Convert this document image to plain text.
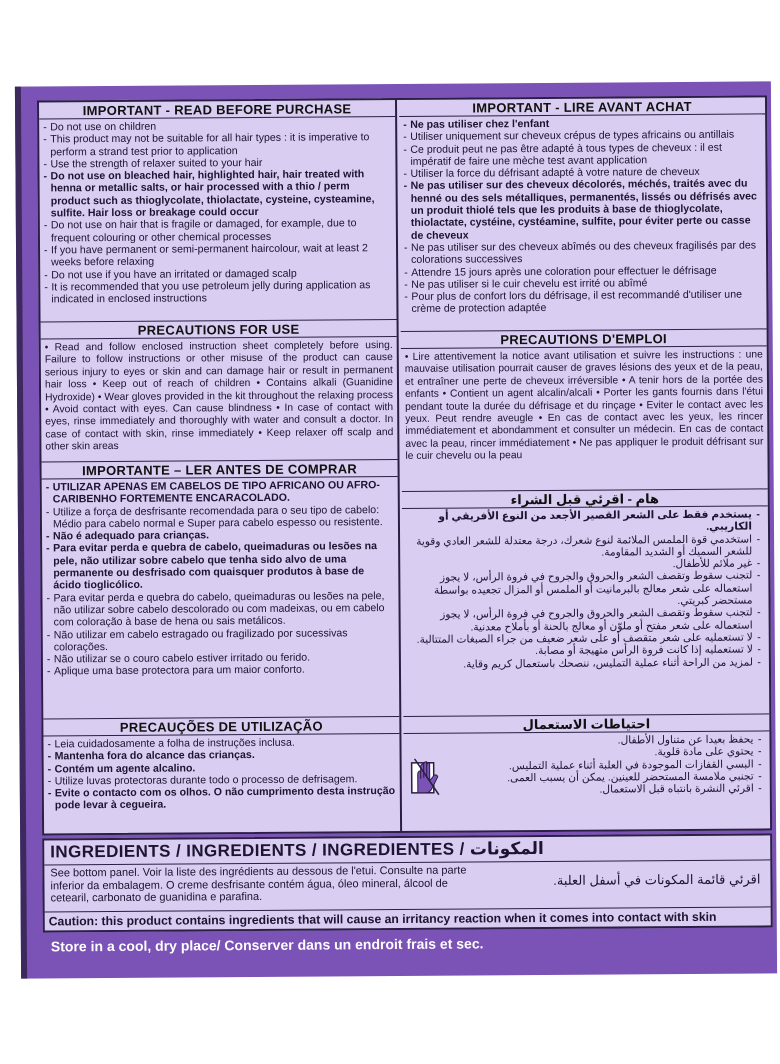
IMPORTANT - READ BEFORE PURCHASE
- Do not use on children
- This product may not be suitable for all hair types : it is imperative to perform a strand test prior to application
- Use the strength of relaxer suited to your hair
- Do not use on bleached hair, highlighted hair, hair treated with henna or metallic salts, or hair processed with a thio / perm product such as thioglycolate, thiolactate, cysteine, cysteamine, sulfite. Hair loss or breakage could occur
- Do not use on hair that is fragile or damaged, for example, due to frequent colouring or other chemical processes
- If you have permanent or semi-permanent haircolour, wait at least 2 weeks before relaxing
- Do not use if you have an irritated or damaged scalp
- It is recommended that you use petroleum jelly during application as indicated in enclosed instructions
PRECAUTIONS FOR USE
• Read and follow enclosed instruction sheet completely before using. Failure to follow instructions or other misuse of the product can cause serious injury to eyes or skin and can damage hair or result in permanent hair loss • Keep out of reach of children • Contains alkali (Guanidine Hydroxide) • Wear gloves provided in the kit throughout the relaxing process • Avoid contact with eyes. Can cause blindness • In case of contact with eyes, rinse immediately and thoroughly with water and consult a doctor. In case of contact with skin, rinse immediately • Keep relaxer off scalp and other skin areas
IMPORTANTE – LER ANTES DE COMPRAR
- UTILIZAR APENAS EM CABELOS DE TIPO AFRICANO OU AFRO-CARIBENHO FORTEMENTE ENCARACOLADO.
- Utilize a força de desfrisante recomendada para o seu tipo de cabelo: Médio para cabelo normal e Super para cabelo espesso ou resistente.
- Não é adequado para crianças.
- Para evitar perda e quebra de cabelo, queimaduras ou lesões na pele, não utilizar sobre cabelo que tenha sido alvo de uma permanente ou desfrisado com quaisquer produtos à base de ácido tioglicólico.
- Para evitar perda e quebra do cabelo, queimaduras ou lesões na pele, não utilizar sobre cabelo descolorado ou com madeixas, ou em cabelo com coloração à base de hena ou sais metálicos.
- Não utilizar em cabelo estragado ou fragilizado por sucessivas colorações.
- Não utilizar se o couro cabelo estiver irritado ou ferido.
- Aplique uma base protectora para um maior conforto.
PRECAUÇÕES DE UTILIZAÇÃO
- Leia cuidadosamente a folha de instruções inclusa.
- Mantenha fora do alcance das crianças.
- Contém um agente alcalino.
- Utilize luvas protectoras durante todo o processo de defrisagem.
- Evite o contacto com os olhos. O não cumprimento desta instrução pode levar à cegueira.
IMPORTANT - LIRE AVANT ACHAT
- Ne pas utiliser chez l'enfant
- Utiliser uniquement sur cheveux crépus de types africains ou antillais
- Ce produit peut ne pas être adapté à tous types de cheveux : il est impératif de faire une mèche test avant application
- Utiliser la force du défrisant adapté à votre nature de cheveux
- Ne pas utiliser sur des cheveux décolorés, méchés, traités avec du henné ou des sels métalliques, permanentés, lissés ou défrisés avec un produit thiolé tels que les produits à base de thioglycolate, thiolactate, cystéine, cystéamine, sulfite, pour éviter perte ou casse de cheveux
- Ne pas utiliser sur des cheveux abîmés ou des cheveux fragilisés par des colorations successives
- Attendre 15 jours après une coloration pour effectuer le défrisage
- Ne pas utiliser si le cuir chevelu est irrité ou abîmé
- Pour plus de confort lors du défrisage, il est recommandé d'utiliser une crème de protection adaptée
PRECAUTIONS D'EMPLOI
• Lire attentivement la notice avant utilisation et suivre les instructions : une mauvaise utilisation pourrait causer de graves lésions des yeux et de la peau, et entraîner une perte de cheveux irréversible • A tenir hors de la portée des enfants • Contient un agent alcalin/alcali • Porter les gants fournis dans l'étui pendant toute la durée du défrisage et du rinçage • Eviter le contact avec les yeux. Peut rendre aveugle • En cas de contact avec les yeux, les rincer immédiatement et abondamment et consulter un médecin. En cas de contact avec la peau, rincer immédiatement • Ne pas appliquer le produit défrisant sur le cuir chevelu ou la peau
هام - اقرئي قبل الشراء
- يستخدم فقط على الشعر القصير الأجعد من النوع الأفريقي أو الكاريبي.
- استخدمي قوة الملمس الملائمة لنوع شعرك، درجة معتدلة للشعر العادي وقوية للشعر السميك أو الشديد المقاومة.
- غير ملائم للأطفال.
- لتجنب سقوط وتقصف الشعر والحروق والجروح في فروة الرأس، لا يجوز استعماله على شعر معالج بالبرمانيت أو الملمس أو المزال تجعيده بواسطة مستحضر كبريتي.
- لتجنب سقوط وتقصف الشعر والحروق والجروح في فروة الرأس، لا يجوز استعماله على شعر مفتح أو ملوّن أو معالج بالحنة أو بأملاح معدنية.
- لا تستعمليه على شعر متقصف أو على شعر ضعيف من جراء الصبغات المتتالية.
- لا تستعمليه إذا كانت فروة الرأس متهيجة أو مصابة.
- لمزيد من الراحة أثناء عملية التمليس، ننصحك باستعمال كريم وقاية.
احتياطات الاستعمال
- يحفظ بعيدا عن متناول الأطفال.
- يحتوي على مادة قلوية.
- البسي القفازات الموجودة في العلبة أثناء عملية التمليس.
- تجنبي ملامسة المستحضر للعينين. يمكن أن يسبب العمى.
- اقرئي النشرة بانتباه قبل الاستعمال.
INGREDIENTS / INGREDIENTS / INGREDIENTES / المكونات
See bottom panel. Voir la liste des ingrédients au dessous de l'etui. Consulte na parte inferior da embalagem. O creme desfrisante contém água, óleo mineral, álcool de cetearil, carbonato de guanidina e parafina.
اقرئي قائمة المكونات في أسفل العلبة.
Caution: this product contains ingredients that will cause an irritancy reaction when it comes into contact with skin
Store in a cool, dry place/ Conserver dans un endroit frais et sec.
